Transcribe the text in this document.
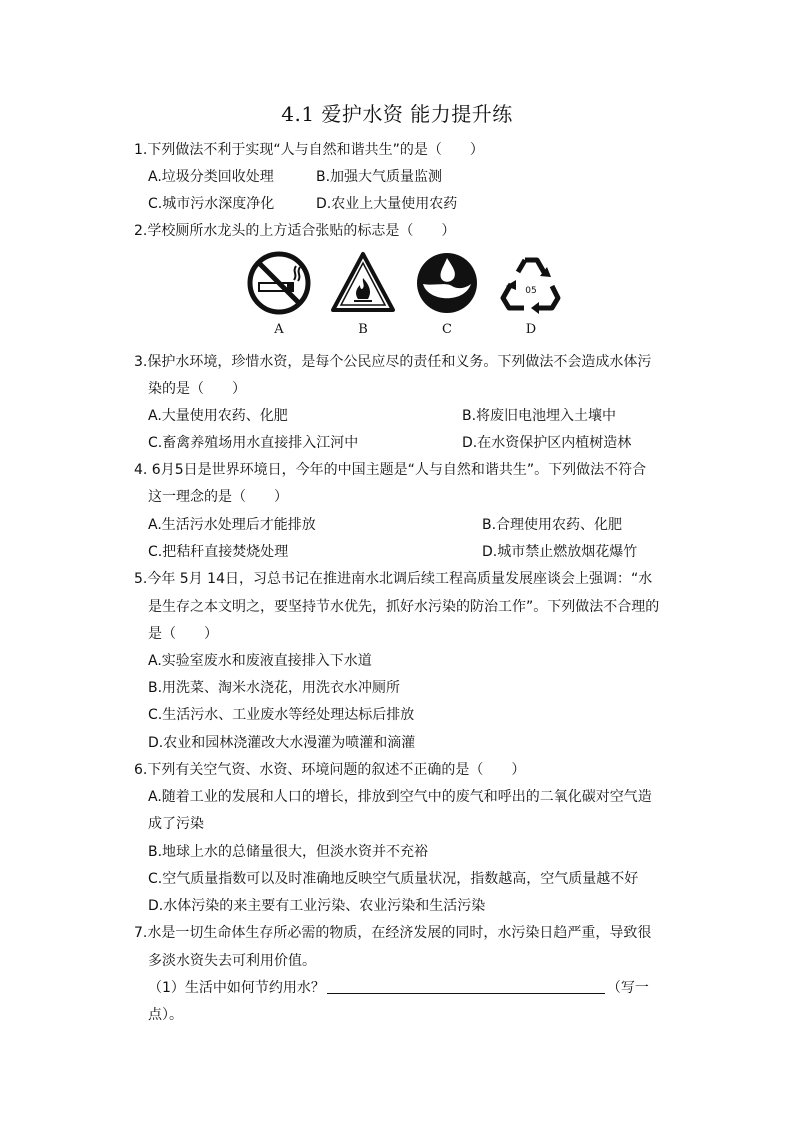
4.1 爱护水资 能力提升练
1.下列做法不利于实现“人与自然和谐共生”的是（　　）
A.垃圾分类回收处理	B.加强大气质量监测
C.城市污水深度净化	D.农业上大量使用农药
2.学校厕所水龙头的上方适合张贴的标志是（　　）
A	B	C
05
D
3.保护水环境，珍惜水资，是每个公民应尽的责任和义务。下列做法不会造成水体污
染的是（　　）
A.大量使用农药、化肥	B.将废旧电池埋入土壤中
C.畜禽养殖场用水直接排入江河中	D.在水资保护区内植树造林
4. 6月5日是世界环境日，今年的中国主题是“人与自然和谐共生”。下列做法不符合
这一理念的是（　　）
A.生活污水处理后才能排放	B.合理使用农药、化肥
C.把秸秆直接焚烧处理	D.城市禁止燃放烟花爆竹
5.今年 5月 14日，习总书记在推进南水北调后续工程高质量发展座谈会上强调：“水
是生存之本文明之，要坚持节水优先，抓好水污染的防治工作”。下列做法不合理的
是（　　）
A.实验室废水和废液直接排入下水道
B.用洗菜、淘米水浇花，用洗衣水冲厕所
C.生活污水、工业废水等经处理达标后排放
D.农业和园林浇灌改大水漫灌为喷灌和滴灌
6.下列有关空气资、水资、环境问题的叙述不正确的是（　　）
A.随着工业的发展和人口的增长，排放到空气中的废气和呼出的二氧化碳对空气造
成了污染
B.地球上水的总储量很大，但淡水资并不充裕
C.空气质量指数可以及时准确地反映空气质量状况，指数越高，空气质量越不好
D.水体污染的来主要有工业污染、农业污染和生活污染
7.水是一切生命体生存所必需的物质，在经济发展的同时，水污染日趋严重，导致很
多淡水资失去可利用价值。
（1）生活中如何节约用水？	（写一
点）。
